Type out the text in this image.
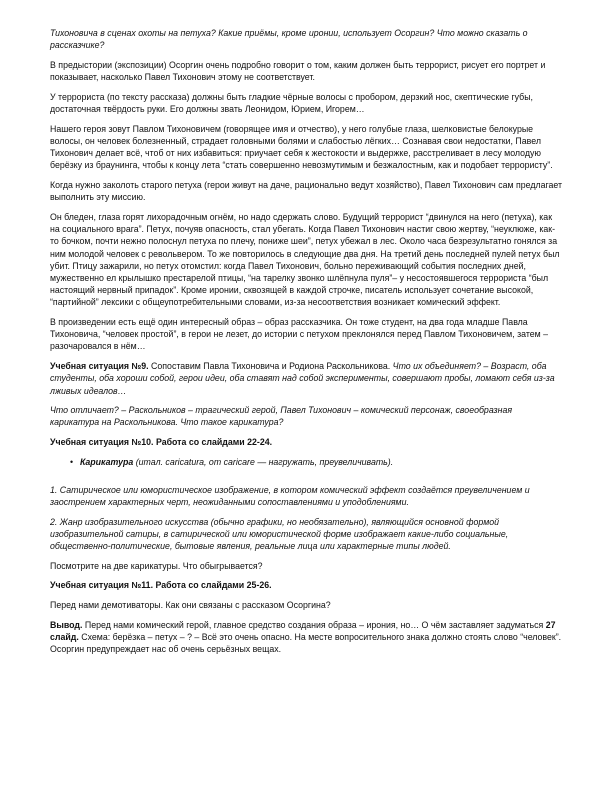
Тихоновича в сценах охоты на петуха? Какие приёмы, кроме иронии, использует Осоргин? Что можно сказать о рассказчике?

В предыстории (экспозиции) Осоргин очень подробно говорит о том, каким должен быть террорист, рисует его портрет и показывает, насколько Павел Тихонович этому не соответствует.

У террориста (по тексту рассказа) должны быть гладкие чёрные волосы с пробором, дерзкий нос, скептические губы, достаточная твёрдость руки. Его должны звать Леонидом, Юрием, Игорем…

Нашего героя зовут Павлом Тихоновичем (говорящее имя и отчество), у него голубые глаза, шелковистые белокурые волосы, он человек болезненный, страдает головными болями и слабостью лёгких… Сознавая свои недостатки, Павел Тихонович делает всё, чтоб от них избавиться: приучает себя к жестокости и выдержке, расстреливает в лесу молодую берёзку из браунинга, чтобы к концу лета “стать совершенно невозмутимым и безжалостным, как и подобает террористу”.

Когда нужно заколоть старого петуха (герои живут на даче, рационально ведут хозяйство), Павел Тихонович сам предлагает выполнить эту миссию.

Он бледен, глаза горят лихорадочным огнём, но надо сдержать слово. Будущий террорист “двинулся на него (петуха), как на социального врага”. Петух, почуяв опасность, стал убегать. Когда Павел Тихонович настиг свою жертву, “неуклюже, как-то бочком, почти нежно полоснул петуха по плечу, пониже шеи”, петух убежал в лес. Около часа безрезультатно гонялся за ним молодой человек с револьвером. То же повторилось в следующие два дня. На третий день последней пулей петух был убит. Птицу зажарили, но петух отомстил: когда Павел Тихонович, больно переживающий события последних дней, мужественно ел крылышко престарелой птицы, “на тарелку звонко шлёпнула пуля”– у несостоявшегося террориста “был настоящий нервный припадок”. Кроме иронии, сквозящей в каждой строчке, писатель использует сочетание высокой, “партийной” лексики с общеупотребительными словами, из-за несоответствия возникает комический эффект.

В произведении есть ещё один интересный образ – образ рассказчика. Он тоже студент, на два года младше Павла Тихоновича, “человек простой”, в герои не лезет, до истории с петухом преклонялся перед Павлом Тихоновичем, затем – разочаровался в нём…

Учебная ситуация №9. Сопоставим Павла Тихоновича и Родиона Раскольникова. Что их объединяет? – Возраст, оба студенты, оба хороши собой, герои идеи, оба ставят над собой эксперименты, совершают пробы, ломают себя из-за лживых идеалов…

Что отличает? – Раскольников – трагический герой, Павел Тихонович – комический персонаж, своеобразная карикатура на Раскольникова. Что такое карикатура?

Учебная ситуация №10. Работа со слайдами 22-24.

• Карикатура (итал. caricatura, от caricare — нагружать, преувеличивать).

1. Сатирическое или юмористическое изображение, в котором комический эффект создаётся преувеличением и заострением характерных черт, неожиданными сопоставлениями и уподоблениями.

2. Жанр изобразительного искусства (обычно графики, но необязательно), являющийся основной формой изобразительной сатиры, в сатирической или юмористической форме изображает какие-либо социальные, общественно-политические, бытовые явления, реальные лица или характерные типы людей.

Посмотрите на две карикатуры. Что обыгрывается?

Учебная ситуация №11. Работа со слайдами 25-26.

Перед нами демотиваторы. Как они связаны с рассказом Осоргина?

Вывод. Перед нами комический герой, главное средство создания образа – ирония, но… О чём заставляет задуматься 27 слайд. Схема: берёзка – петух – ? – Всё это очень опасно. На месте вопросительного знака должно стоять слово “человек”. Осоргин предупреждает нас об очень серьёзных вещах.
